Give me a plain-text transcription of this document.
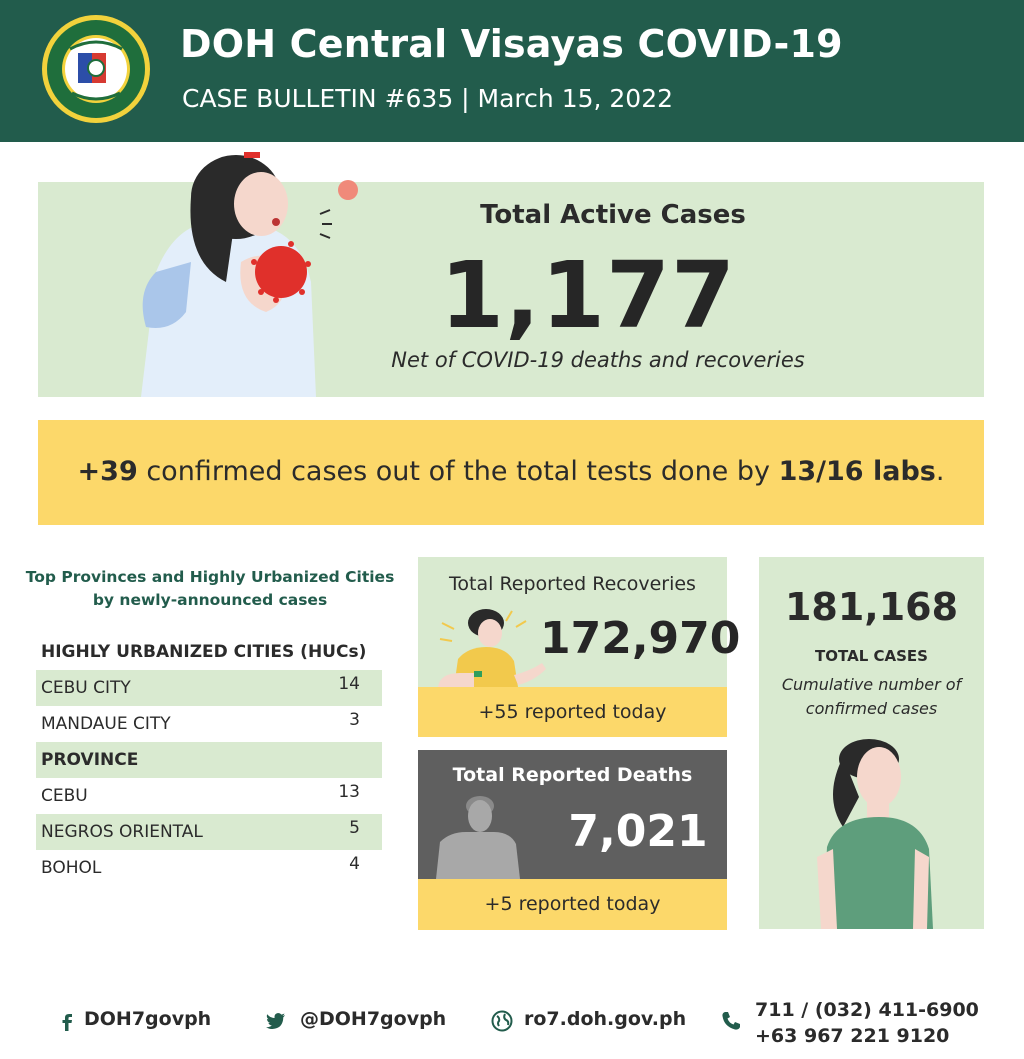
DOH Central Visayas COVID-19
CASE BULLETIN #635 | March 15, 2022
Total Active Cases
1,177
Net of COVID-19 deaths and recoveries
+39 confirmed cases out of the total tests done by 13/16 labs.
Top Provinces and Highly Urbanized Cities
by newly-announced cases
HIGHLY URBANIZED CITIES (HUCs)
CEBU CITY	14
MANDAUE CITY	3
PROVINCE
CEBU	13
NEGROS ORIENTAL	5
BOHOL	4
Total Reported Recoveries
172,970
+55 reported today
Total Reported Deaths
7,021
+5 reported today
181,168
TOTAL CASES
Cumulative number of confirmed cases
DOH7govph	@DOH7govph	ro7.doh.gov.ph	711 / (032) 411-6900
+63 967 221 9120
